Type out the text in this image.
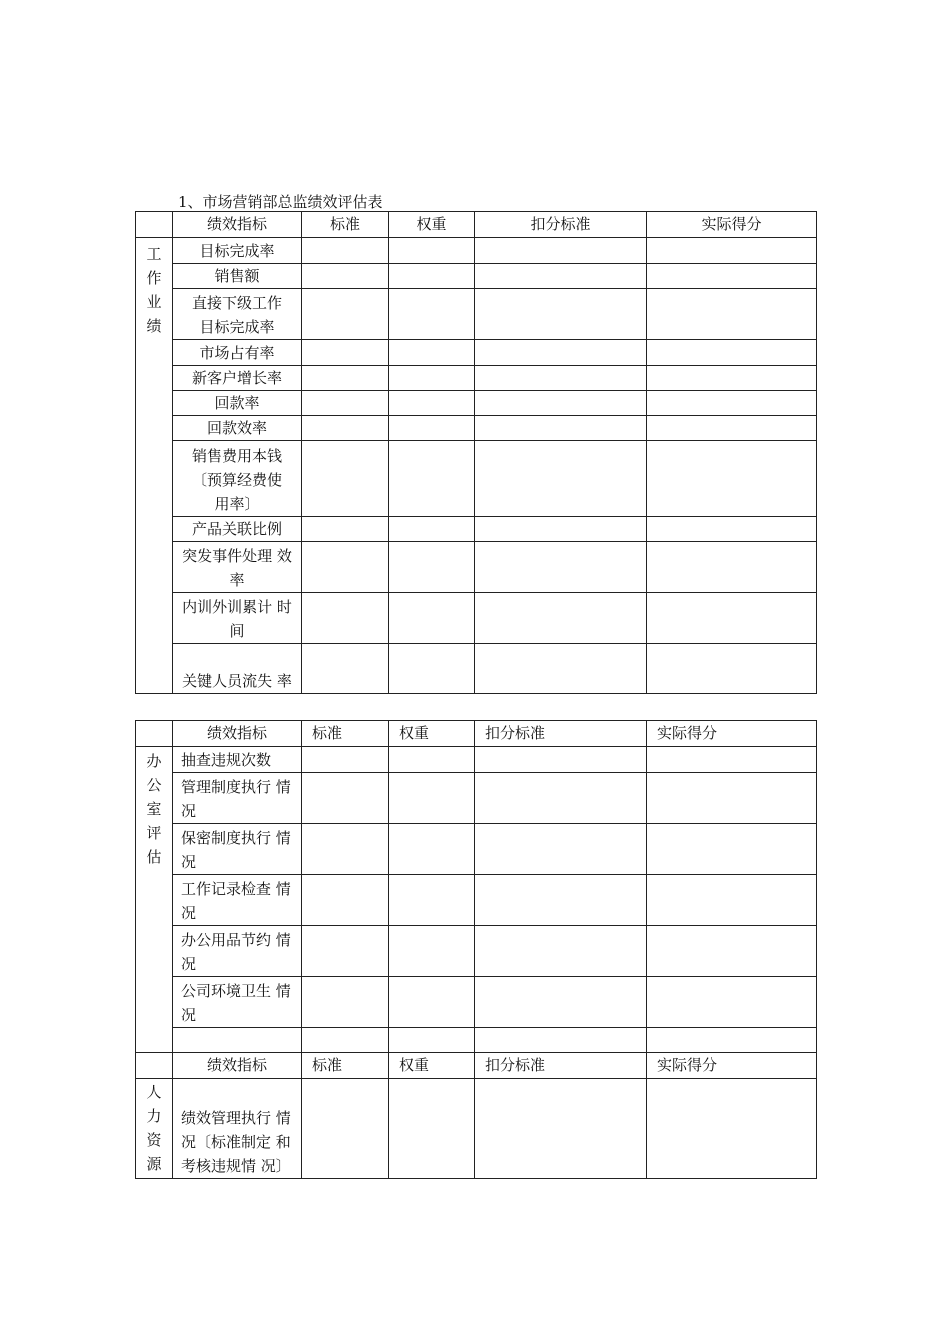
1、市场营销部总监绩效评估表
	绩效指标	标准	权重	扣分标准	实际得分

工
作
业
绩	目标完成率				

	销售额				

	直接下级工作
目标完成率				

	市场占有率				

	新客户增长率				

	回款率				

	回款效率				

	销售费用本钱
〔预算经费使
用率〕				

	产品关联比例				

	突发事件处理 效
率				

	内训外训累计 时
间				

	关键人员流失 率				

	绩效指标	标准	权重	扣分标准	实际得分

办
公
室
评
估	抽查违规次数				

	管理制度执行 情
况				

	保密制度执行 情
况				

	工作记录检查 情
况				

	办公用品节约 情
况				

	公司环境卫生 情
况				

	绩效指标	标准	权重	扣分标准	实际得分

人
力
资
源	绩效管理执行 情
况〔标准制定 和
考核违规情 况〕				
